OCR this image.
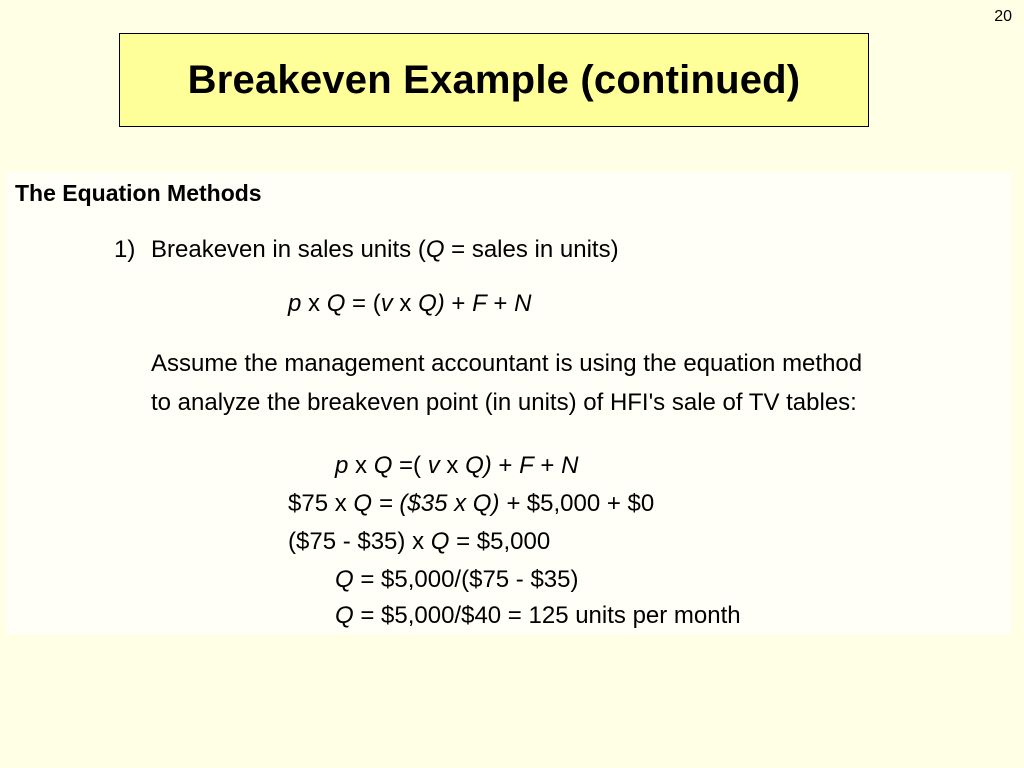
20
Breakeven Example (continued)
The Equation Methods
1) Breakeven in sales units (Q = sales in units)
p x Q = (v x Q) + F + N
Assume the management accountant is using the equation method
to analyze the breakeven point (in units) of HFI's sale of TV tables:
p x Q =( v x Q) + F + N
$75 x Q = ($35 x Q) + $5,000 + $0
($75 - $35) x Q = $5,000
Q = $5,000/($75 - $35)
Q = $5,000/$40 = 125 units per month
